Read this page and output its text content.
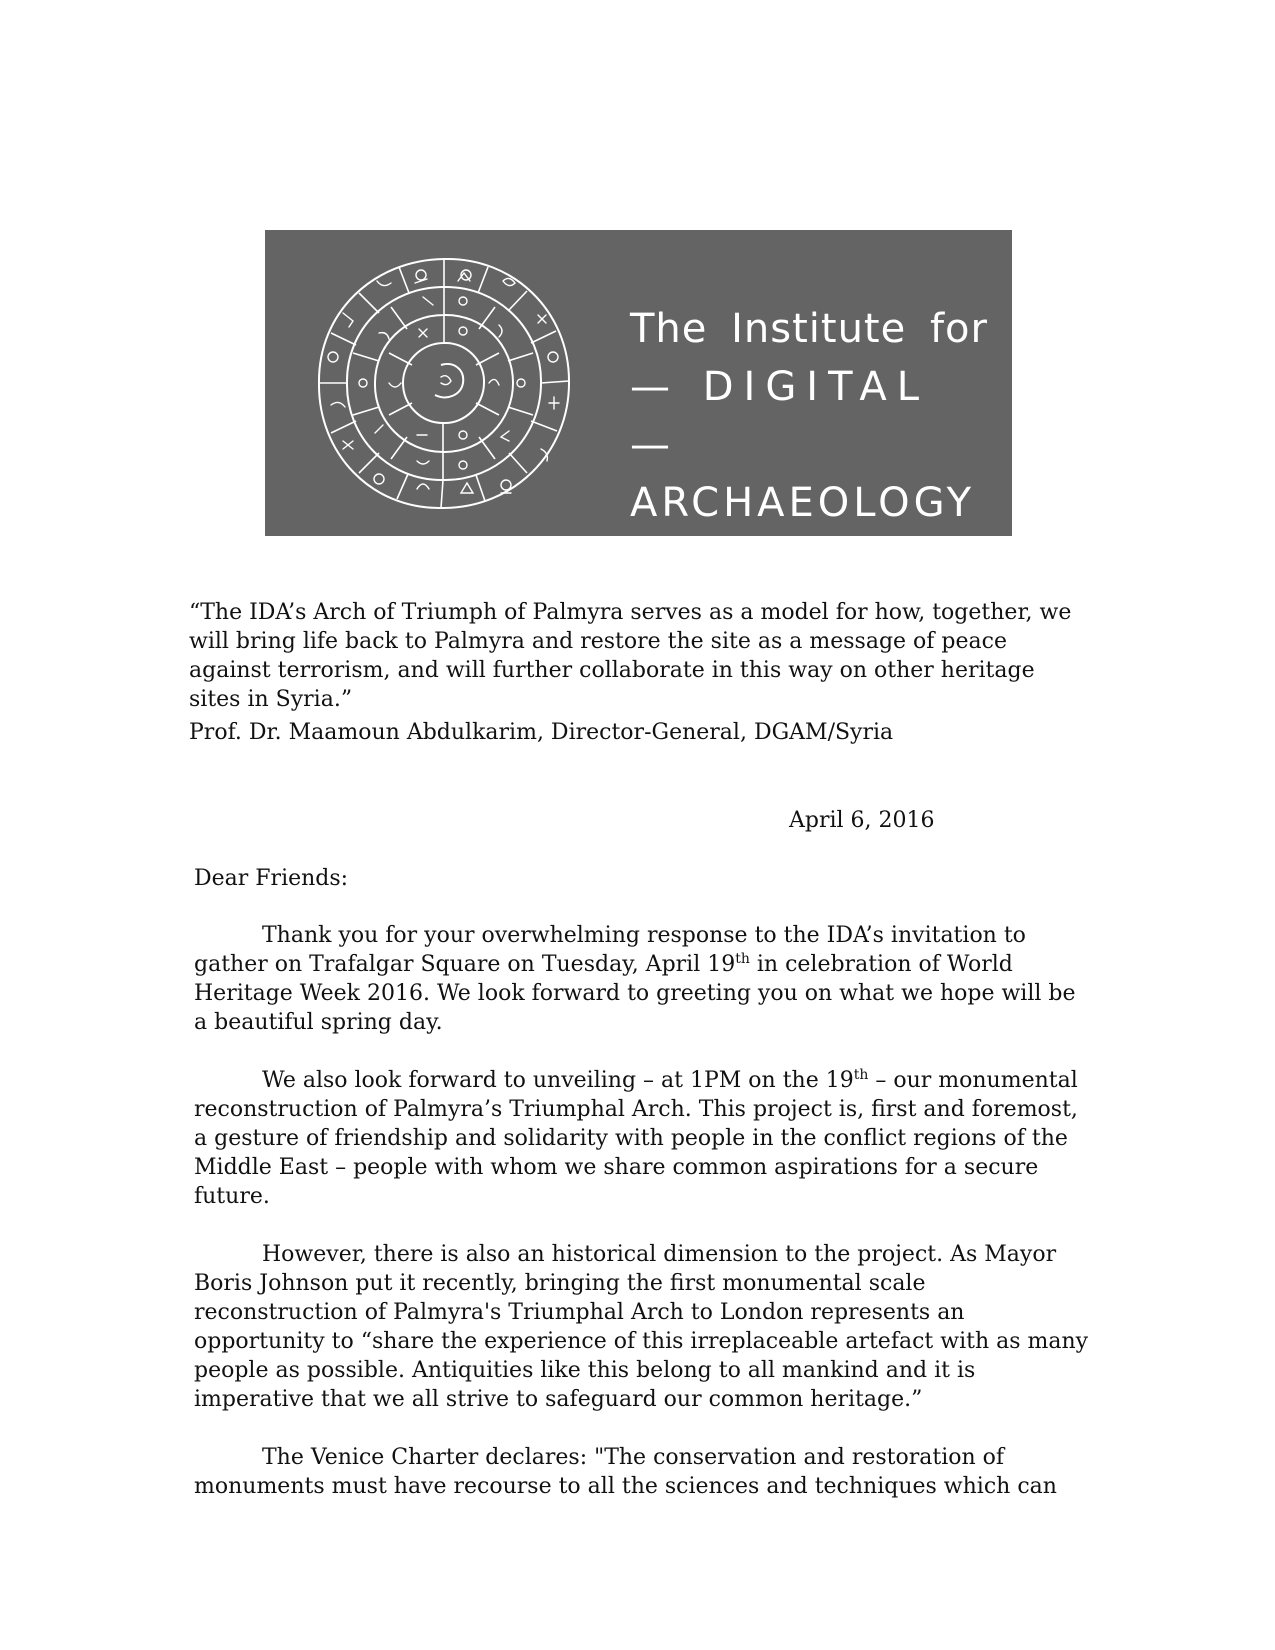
The Institute for
— DIGITAL —
ARCHAEOLOGY
“The IDA’s Arch of Triumph of Palmyra serves as a model for how, together, we will bring life back to Palmyra and restore the site as a message of peace against terrorism, and will further collaborate in this way on other heritage sites in Syria.”
Prof. Dr. Maamoun Abdulkarim, Director-General, DGAM/Syria
April 6, 2016
Dear Friends:

Thank you for your overwhelming response to the IDA’s invitation to gather on Trafalgar Square on Tuesday, April 19th in celebration of World Heritage Week 2016. We look forward to greeting you on what we hope will be a beautiful spring day.

We also look forward to unveiling – at 1PM on the 19th – our monumental reconstruction of Palmyra’s Triumphal Arch. This project is, first and foremost, a gesture of friendship and solidarity with people in the conflict regions of the Middle East – people with whom we share common aspirations for a secure future.

However, there is also an historical dimension to the project. As Mayor Boris Johnson put it recently, bringing the first monumental scale reconstruction of Palmyra's Triumphal Arch to London represents an opportunity to “share the experience of this irreplaceable artefact with as many people as possible. Antiquities like this belong to all mankind and it is imperative that we all strive to safeguard our common heritage.”

The Venice Charter declares: "The conservation and restoration of monuments must have recourse to all the sciences and techniques which can
